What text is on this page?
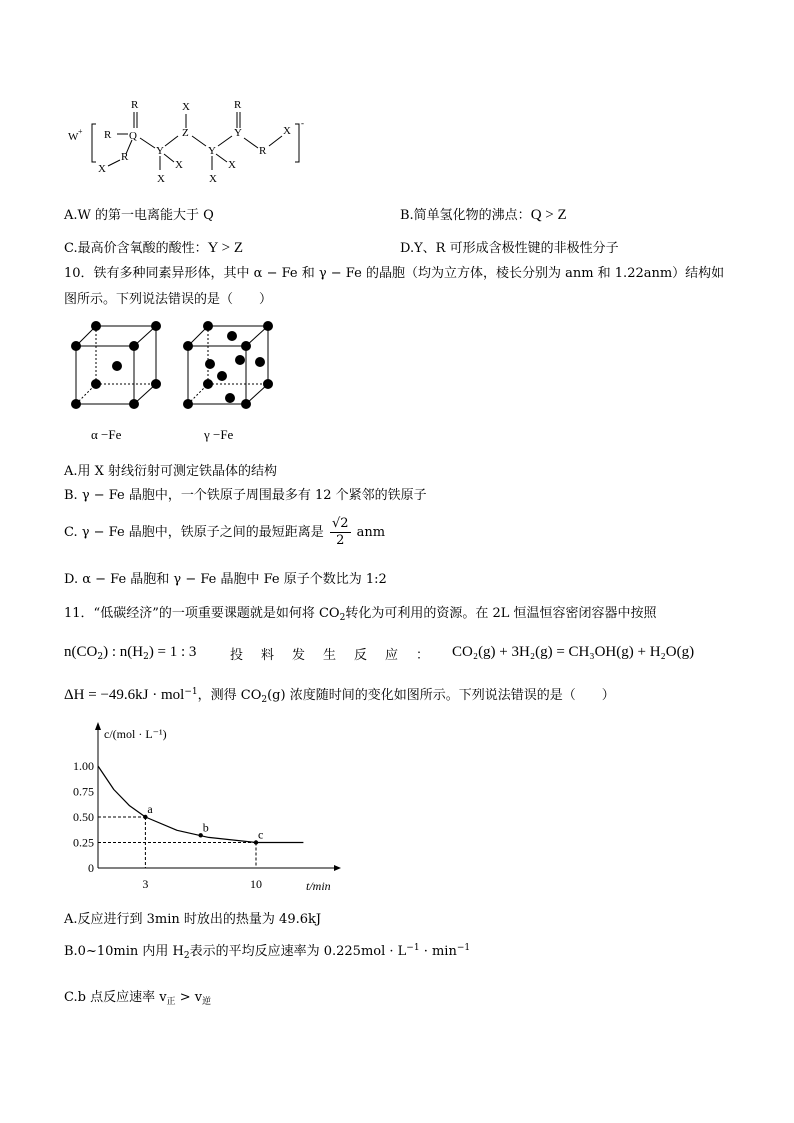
W +
-
R
R
Q
R
X
Y
X
Z
X
X
Y
X
X
R
Y
R
X
A.W 的第一电离能大于 Q	B.简单氢化物的沸点：Q > Z
C.最高价含氧酸的酸性：Y > Z	D.Y、R 可形成含极性键的非极性分子
10．铁有多种同素异形体，其中 α − Fe 和 γ − Fe 的晶胞（均为立方体，棱长分别为 anm 和 1.22anm）结构如
图所示。下列说法错误的是（　　）
α −Fe	γ −Fe
A.用 X 射线衍射可测定铁晶体的结构
B. γ − Fe 晶胞中，一个铁原子周围最多有 12 个紧邻的铁原子
C. γ − Fe 晶胞中，铁原子之间的最短距离是 $\frac{√2}{2}$ anm
D. α − Fe 晶胞和 γ − Fe 晶胞中 Fe 原子个数比为 1:2
11．“低碳经济”的一项重要课题就是如何将 $CO_2$转化为可利用的资源。在 2L 恒温恒容密闭容器中按照
$n(CO_2)$ : $n(H_2) = 1$ : 3	投料发生反应： CO₂(g) + 3H₂(g) = CH₃OH(g) + H₂O(g)
ΔH = −49.6kJ · mol$^{-1}$，测得 $CO_2(g)$ 浓度随时间的变化如图所示。下列说法错误的是（　　）
c/(mol · L⁻¹)
t/min
1.00
0.75
0.50
0.25
0
3	10
a
b
c
A.反应进行到 3min 时放出的热量为 49.6kJ
B.0~10min 内用 $H_2$表示的平均反应速率为 $0.225mol \cdot L^{-1} \cdot \min^{-1}$
C.b 点反应速率 $v_正 > v_逆$
